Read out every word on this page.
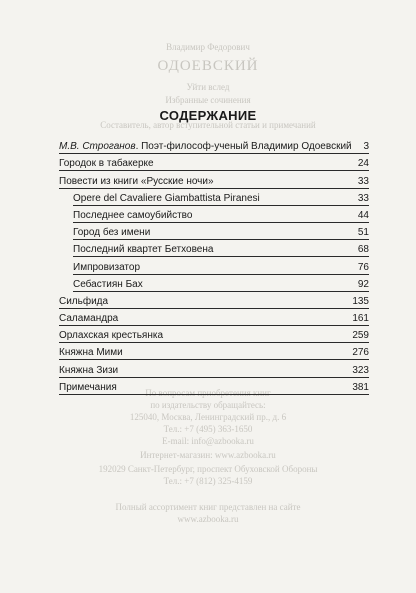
Владимир Федорович
ОДОЕВСКИЙ
Уйти вслед
Избранные сочинения
Составитель, автор вступительной статьи и примечаний
По вопросам приобретения книг
по издательству обращайтесь:
125040, Москва, Ленинградский пр., д. 6
Тел.: +7 (495) 363-1650
Е-mail: info@azbooka.ru
Интернет-магазин: www.azbooka.ru
192029 Санкт-Петербург, проспект Обуховской Обороны
Тел.: +7 (812) 325-4159
Полный ассортимент книг представлен на сайте
www.azbooka.ru
СОДЕРЖАНИЕ
М.В. Строганов. Поэт-философ-ученый Владимир Одоевский	3
Городок в табакерке	24
Повести из книги «Русские ночи»	33
Opere del Cavaliere Giambattista Piranesi	33
Последнее самоубийство	44
Город без имени	51
Последний квартет Бетховена	68
Импровизатор	76
Себастиян Бах	92
Сильфида	135
Саламандра	161
Орлахская крестьянка	259
Княжна Мими	276
Княжна Зизи	323
Примечания	381
